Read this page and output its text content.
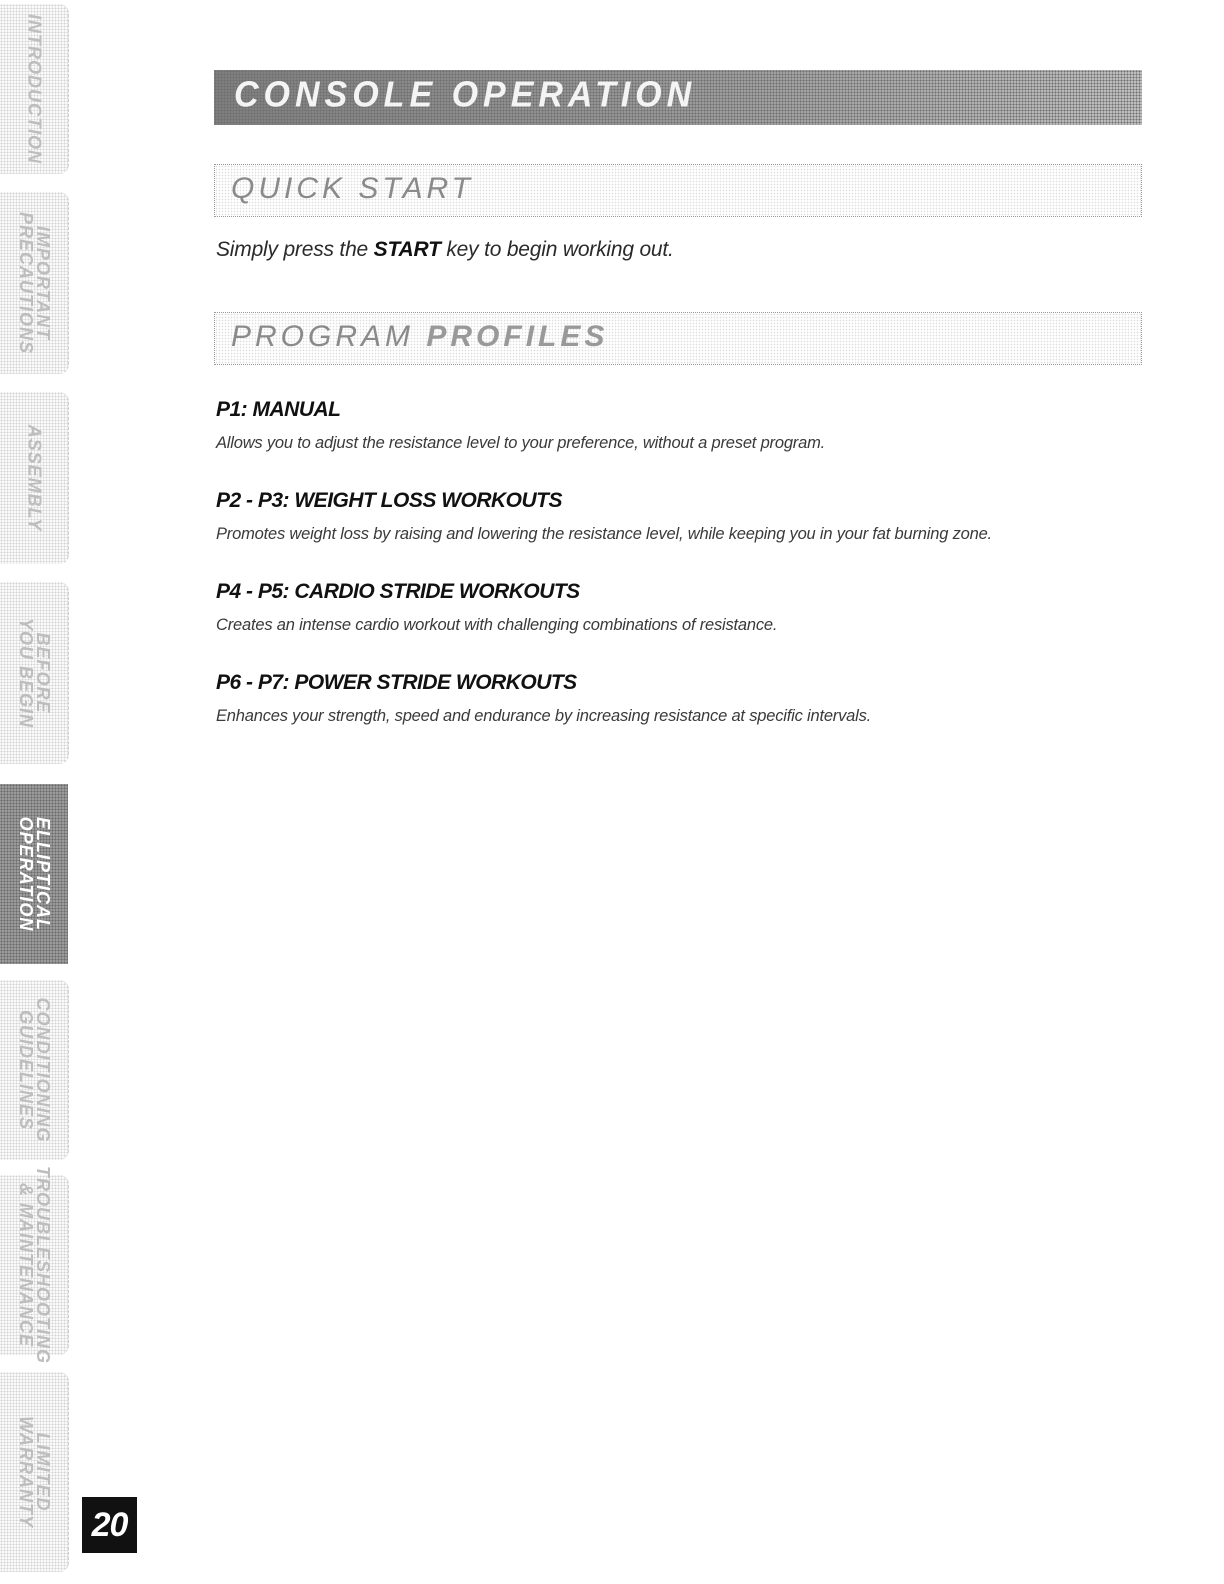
INTRODUCTION
IMPORTANT
PRECAUTIONS
ASSEMBLY
BEFORE
YOU BEGIN
ELLIPTICAL
OPERATION
CONDITIONING
GUIDELINES
TROUBLESHOOTING
& MAINTENANCE
LIMITED
WARRANTY	20
CONSOLE OPERATION
QUICK START
Simply press the START key to begin working out.
PROGRAM PROFILES
P1: MANUAL

Allows you to adjust the resistance level to your preference, without a preset program.

P2 - P3: WEIGHT LOSS WORKOUTS

Promotes weight loss by raising and lowering the resistance level, while keeping you in your fat burning zone.

P4 - P5: CARDIO STRIDE WORKOUTS

Creates an intense cardio workout with challenging combinations of resistance.

P6 - P7: POWER STRIDE WORKOUTS

Enhances your strength, speed and endurance by increasing resistance at specific intervals.
